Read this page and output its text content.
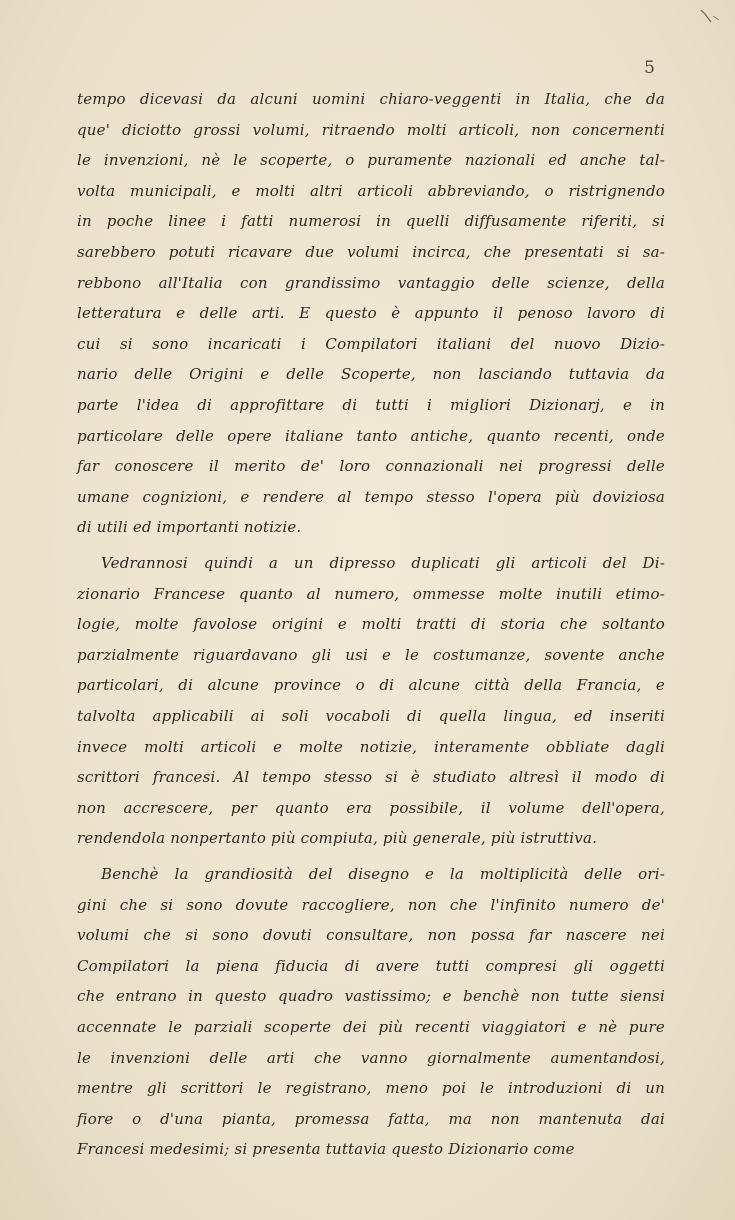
5
tempo dicevasi da alcuni uomini chiaro-veggenti in Italia, che da
que' diciotto grossi volumi, ritraendo molti articoli, non concernenti
le invenzioni, nè le scoperte, o puramente nazionali ed anche tal-
volta municipali, e molti altri articoli abbreviando, o ristrignendo
in poche linee i fatti numerosi in quelli diffusamente riferiti, si
sarebbero potuti ricavare due volumi incirca, che presentati si sa-
rebbono all'Italia con grandissimo vantaggio delle scienze, della
letteratura e delle arti. E questo è appunto il penoso lavoro di
cui si sono incaricati i Compilatori italiani del nuovo Dizio-
nario delle Origini e delle Scoperte, non lasciando tuttavia da
parte l'idea di approfittare di tutti i migliori Dizionarj, e in
particolare delle opere italiane tanto antiche, quanto recenti, onde
far conoscere il merito de' loro connazionali nei progressi delle
umane cognizioni, e rendere al tempo stesso l'opera più doviziosa
di utili ed importanti notizie.
Vedrannosi quindi a un dipresso duplicati gli articoli del Di-
zionario Francese quanto al numero, ommesse molte inutili etimo-
logie, molte favolose origini e molti tratti di storia che soltanto
parzialmente riguardavano gli usi e le costumanze, sovente anche
particolari, di alcune province o di alcune città della Francia, e
talvolta applicabili ai soli vocaboli di quella lingua, ed inseriti
invece molti articoli e molte notizie, interamente obbliate dagli
scrittori francesi. Al tempo stesso si è studiato altresì il modo di
non accrescere, per quanto era possibile, il volume dell'opera,
rendendola nonpertanto più compiuta, più generale, più istruttiva.
Benchè la grandiosità del disegno e la moltiplicità delle ori-
gini che si sono dovute raccogliere, non che l'infinito numero de'
volumi che si sono dovuti consultare, non possa far nascere nei
Compilatori la piena fiducia di avere tutti compresi gli oggetti
che entrano in questo quadro vastissimo; e benchè non tutte siensi
accennate le parziali scoperte dei più recenti viaggiatori e nè pure
le invenzioni delle arti che vanno giornalmente aumentandosi,
mentre gli scrittori le registrano, meno poi le introduzioni di un
fiore o d'una pianta, promessa fatta, ma non mantenuta dai
Francesi medesimi; si presenta tuttavia questo Dizionario come
